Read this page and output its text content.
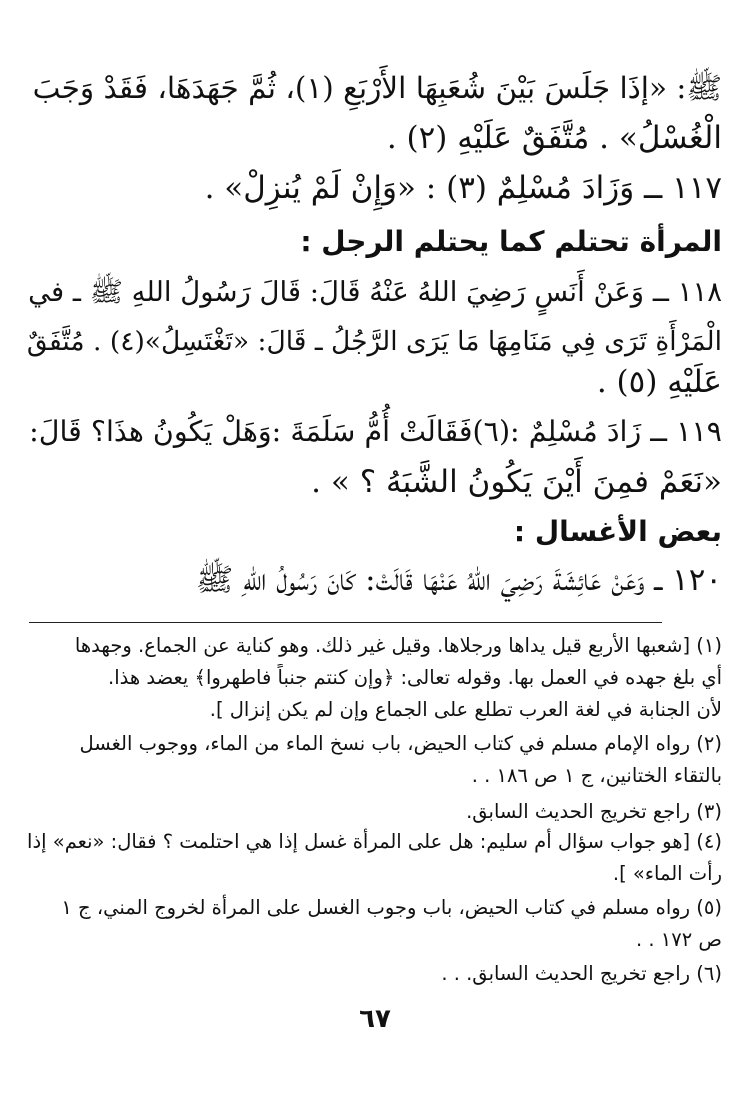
ﷺ: «إذَا جَلَسَ بَيْنَ شُعَبِهَا الأَرْبَعِ (١)، ثُمَّ جَهَدَهَا، فَقَدْ وَجَبَ
الْغُسْلُ» . مُتَّفَقٌ عَلَيْهِ (٢) .
١١٧ ــ وَزَادَ مُسْلِمٌ (٣) : «وَإِنْ لَمْ يُنزِلْ» .
المرأة تحتلم كما يحتلم الرجل :
١١٨ ــ وَعَنْ أَنَسٍ رَضِيَ اللهُ عَنْهُ قَالَ: قَالَ رَسُولُ اللهِ ﷺ ـ في
الْمَرْأَةِ تَرَى فِي مَنَامِهَا مَا يَرَى الرَّجُلُ ـ قَالَ: «تَغْتَسِلُ»(٤) . مُتَّفَقٌ
عَلَيْهِ (٥) .
١١٩ ــ زَادَ مُسْلِمٌ :(٦)فَقَالَتْ أُمُّ سَلَمَةَ :وَهَلْ يَكُونُ هذَا؟ قَالَ:
«نَعَمْ فمِنَ أَيْنَ يَكُونُ الشَّبَهُ ؟ » .
بعض الأغسال :
١٢٠ ــ وَعَنْ عَائِشَةَ رَضِيَ اللهُ عَنْهَا قَالَتْ: كَانَ رَسُولُ اللهِ ﷺ
(١) [شعبها الأربع قيل يداها ورجلاها. وقيل غير ذلك. وهو كناية عن الجماع. وجهدها
أي بلغ جهده في العمل بها. وقوله تعالى: ﴿وإن كنتم جنباً فاطهروا﴾ يعضد هذا.
لأن الجنابة في لغة العرب تطلع على الجماع وإن لم يكن إنزال ].
(٢) رواه الإمام مسلم في كتاب الحيض، باب نسخ الماء من الماء، ووجوب الغسل
بالتقاء الختانين، ج ١ ص ١٨٦ . .
(٣) راجع تخريج الحديث السابق.
(٤) [هو جواب سؤال أم سليم: هل على المرأة غسل إذا هي احتلمت ؟ فقال: «نعم» إذا
رأت الماء» ].
(٥) رواه مسلم في كتاب الحيض، باب وجوب الغسل على المرأة لخروج المني، ج ١
ص ١٧٢ . .
(٦) راجع تخريج الحديث السابق. . .
٦٧
